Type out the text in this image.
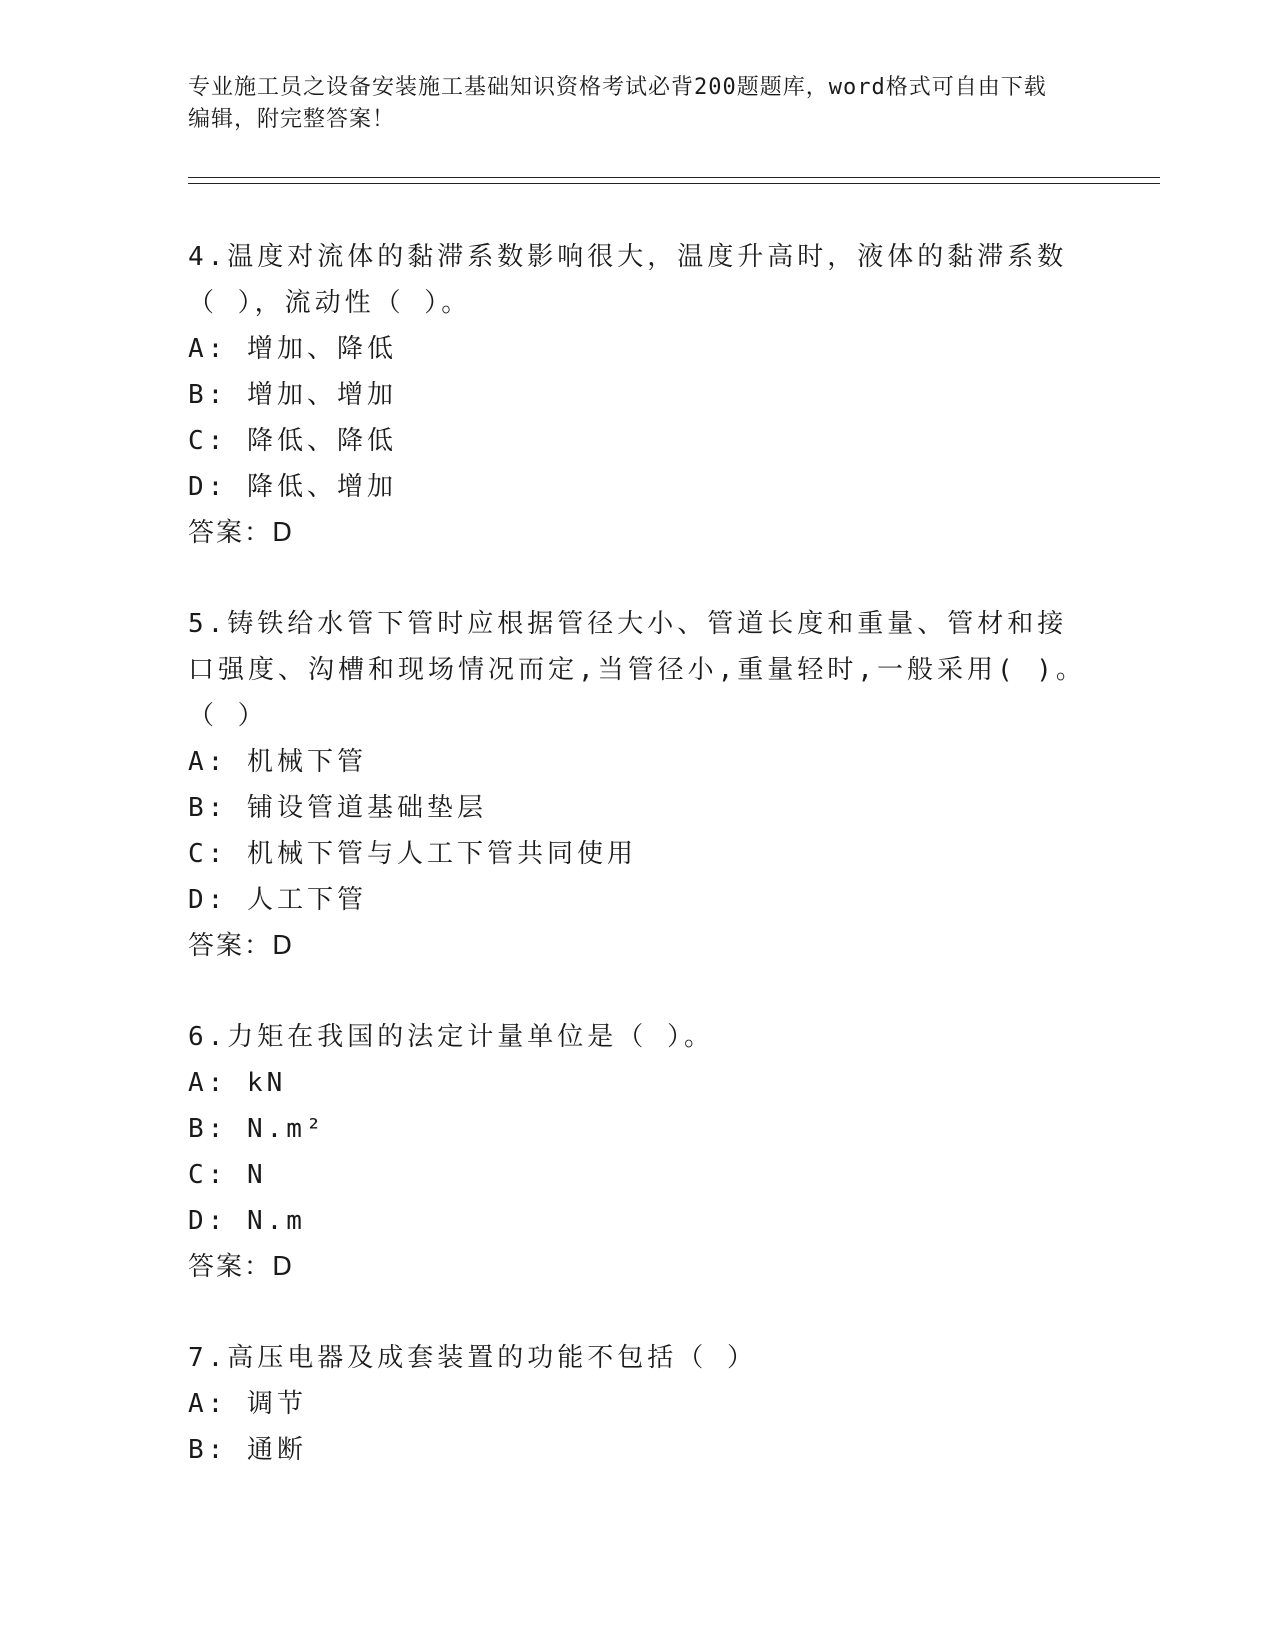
专业施工员之设备安装施工基础知识资格考试必背200题题库，word格式可自由下载编辑，附完整答案！
4.温度对流体的黏滞系数影响很大，温度升高时，液体的黏滞系数（ ），流动性（ ）。
A: 增加、降低
B: 增加、增加
C: 降低、降低
D: 降低、增加
答案：D
5.铸铁给水管下管时应根据管径大小、管道长度和重量、管材和接口强度、沟槽和现场情况而定,当管径小,重量轻时,一般采用( )。（ ）
A: 机械下管
B: 铺设管道基础垫层
C: 机械下管与人工下管共同使用
D: 人工下管
答案：D
6.力矩在我国的法定计量单位是（ ）。
A: kN
B: N.m²
C: N
D: N.m
答案：D
7.高压电器及成套装置的功能不包括（ ）
A: 调节
B: 通断
